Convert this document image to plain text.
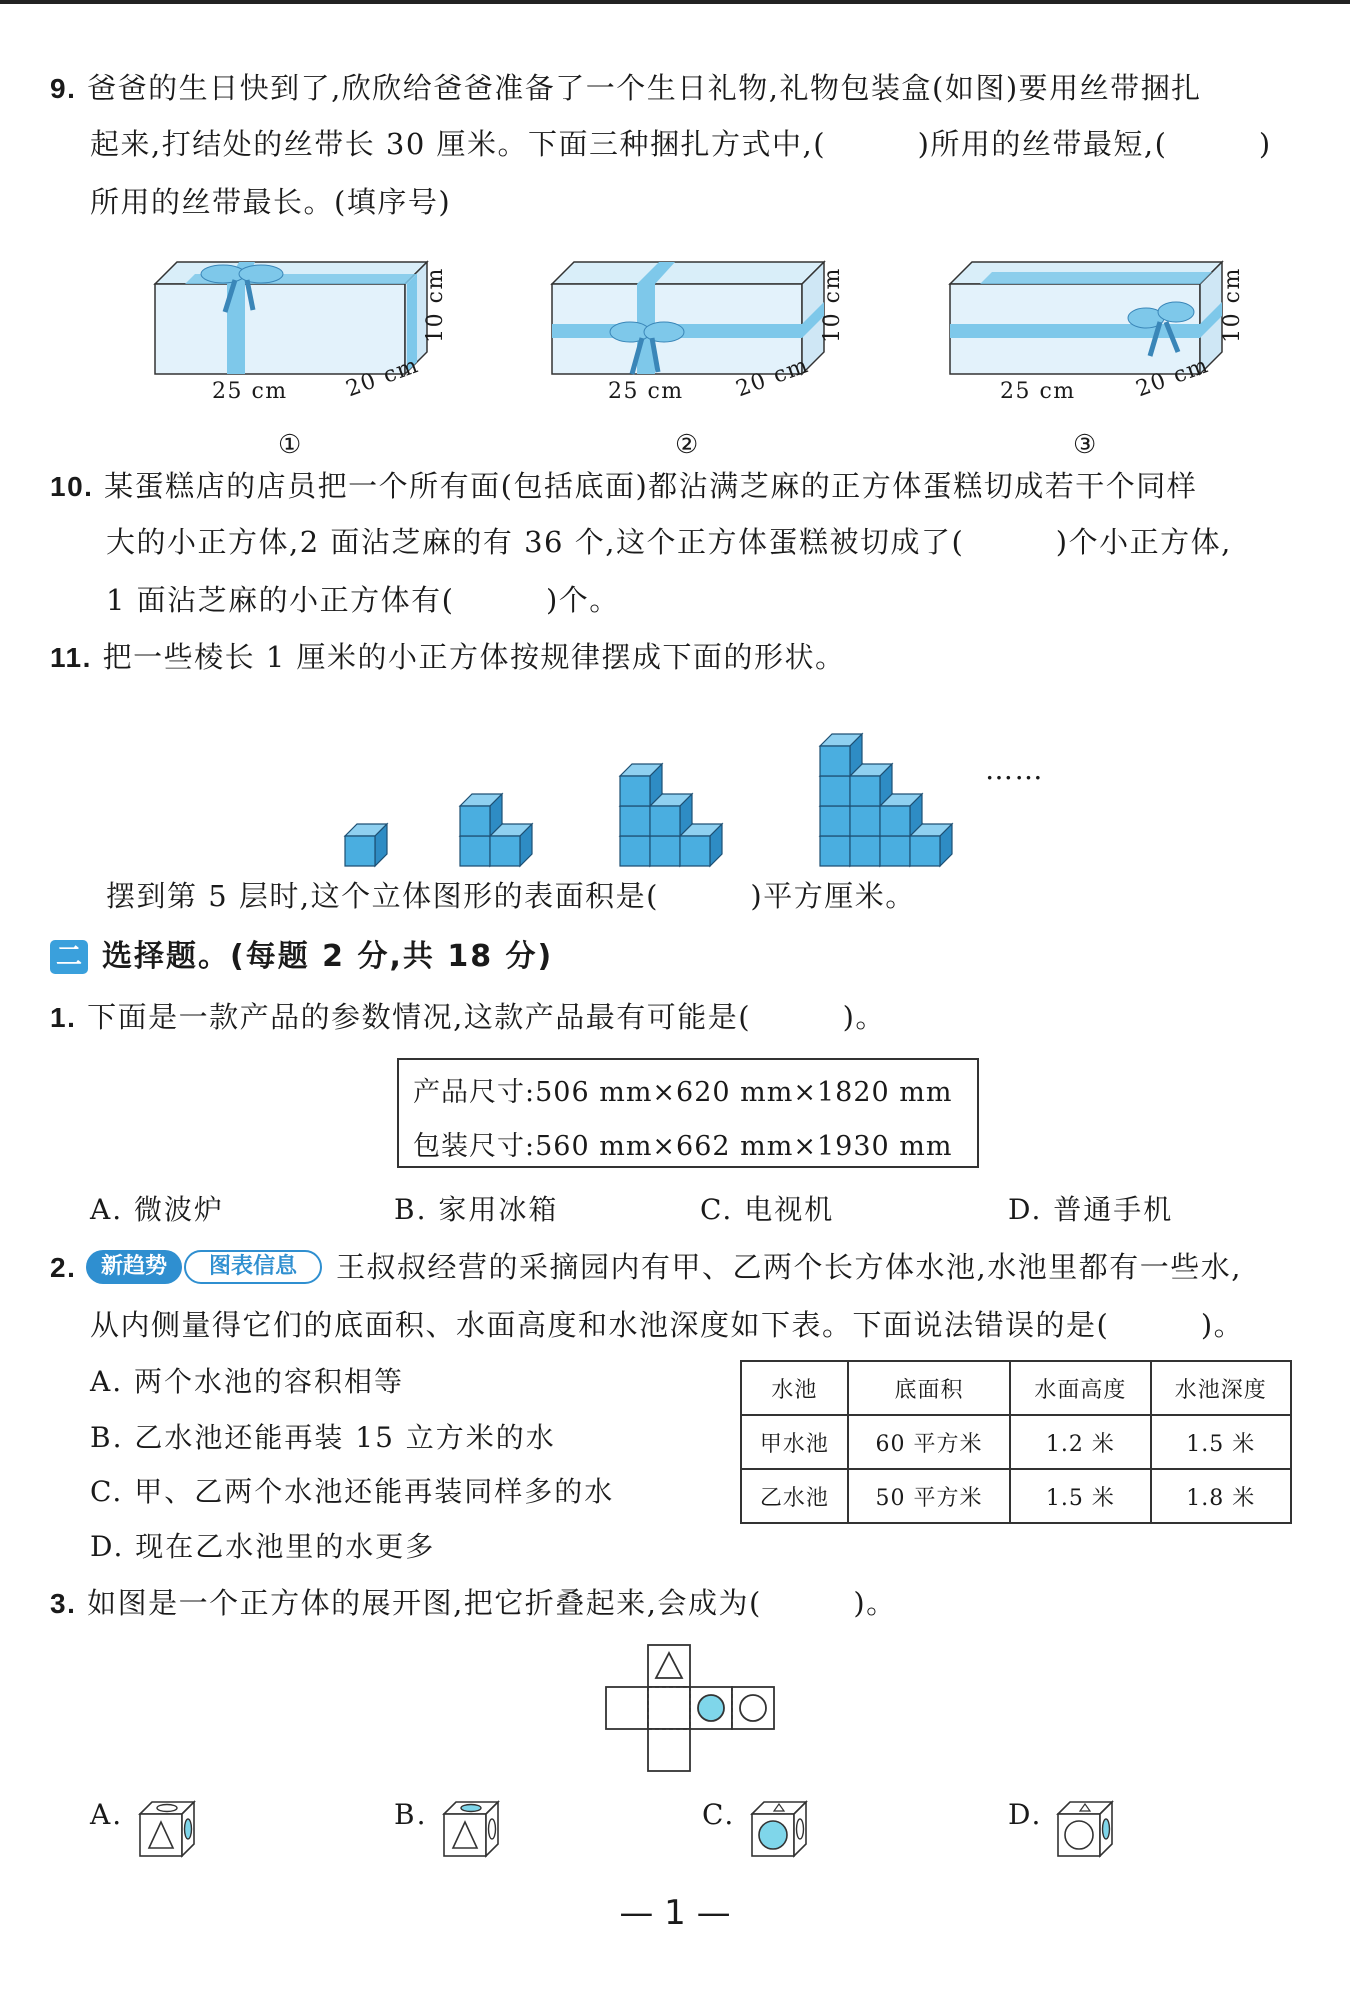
9. 爸爸的生日快到了,欣欣给爸爸准备了一个生日礼物,礼物包装盒(如图)要用丝带捆扎
起来,打结处的丝带长 30 厘米。下面三种捆扎方式中,(　　　)所用的丝带最短,(　　　)
所用的丝带最长。(填序号)
25 cm	20 cm
10 cm
①
25 cm 20 cm
10 cm
②
25 cm	20 cm
10 cm
③
10. 某蛋糕店的店员把一个所有面(包括底面)都沾满芝麻的正方体蛋糕切成若干个同样
大的小正方体,2 面沾芝麻的有 36 个,这个正方体蛋糕被切成了(　　　)个小正方体,
1 面沾芝麻的小正方体有(　　　)个。
11. 把一些棱长 1 厘米的小正方体按规律摆成下面的形状。
……
摆到第 5 层时,这个立体图形的表面积是(　　　)平方厘米。
二 选择题。(每题 2 分,共 18 分)
1. 下面是一款产品的参数情况,这款产品最有可能是(　　　)。
产品尺寸:506 mm×620 mm×1820 mm
包装尺寸:560 mm×662 mm×1930 mm
A. 微波炉	B. 家用冰箱	C. 电视机	D. 普通手机
2.	新趋势	图表信息	王叔叔经营的采摘园内有甲、乙两个长方体水池,水池里都有一些水,
从内侧量得它们的底面积、水面高度和水池深度如下表。下面说法错误的是(　　　)。
A. 两个水池的容积相等
B. 乙水池还能再装 15 立方米的水
C. 甲、乙两个水池还能再装同样多的水
D. 现在乙水池里的水更多
水池	底面积	水面高度	水池深度
甲水池	60 平方米	1.2 米	1.5 米
乙水池	50 平方米	1.5 米	1.8 米
3. 如图是一个正方体的展开图,把它折叠起来,会成为(　　　)。
A.	B.	C.	D.
— 1 —
